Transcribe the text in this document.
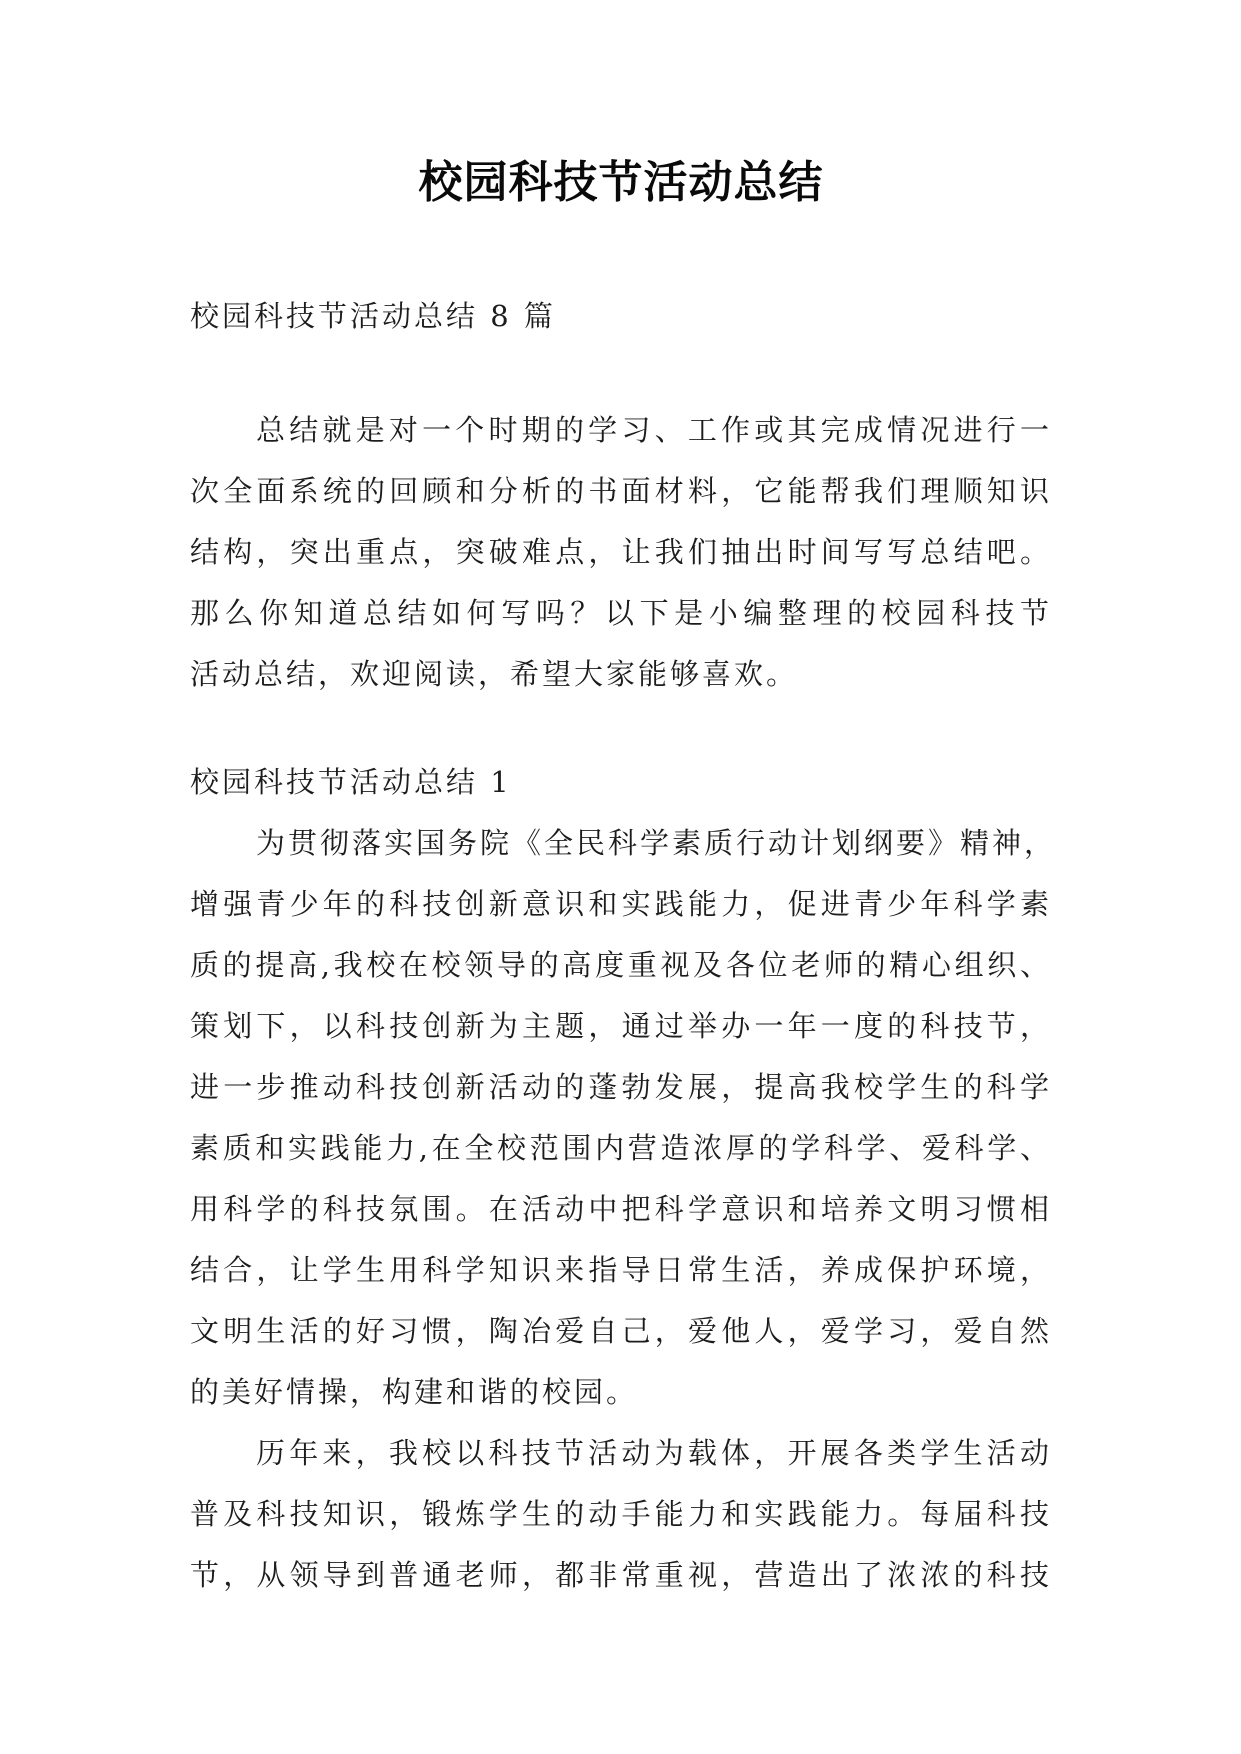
校园科技节活动总结
校园科技节活动总结 8 篇
总结就是对一个时期的学习、工作或其完成情况进行一
次全面系统的回顾和分析的书面材料，它能帮我们理顺知识
结构，突出重点，突破难点，让我们抽出时间写写总结吧。
那么你知道总结如何写吗？以下是小编整理的校园科技节
活动总结，欢迎阅读，希望大家能够喜欢。
校园科技节活动总结 1
为贯彻落实国务院《全民科学素质行动计划纲要》精神，
增强青少年的科技创新意识和实践能力，促进青少年科学素
质的提高,我校在校领导的高度重视及各位老师的精心组织、
策划下，以科技创新为主题，通过举办一年一度的科技节，
进一步推动科技创新活动的蓬勃发展，提高我校学生的科学
素质和实践能力,在全校范围内营造浓厚的学科学、爱科学、
用科学的科技氛围。在活动中把科学意识和培养文明习惯相
结合，让学生用科学知识来指导日常生活，养成保护环境，
文明生活的好习惯，陶冶爱自己，爱他人，爱学习，爱自然
的美好情操，构建和谐的校园。
历年来，我校以科技节活动为载体，开展各类学生活动
普及科技知识，锻炼学生的动手能力和实践能力。每届科技
节，从领导到普通老师，都非常重视，营造出了浓浓的科技
